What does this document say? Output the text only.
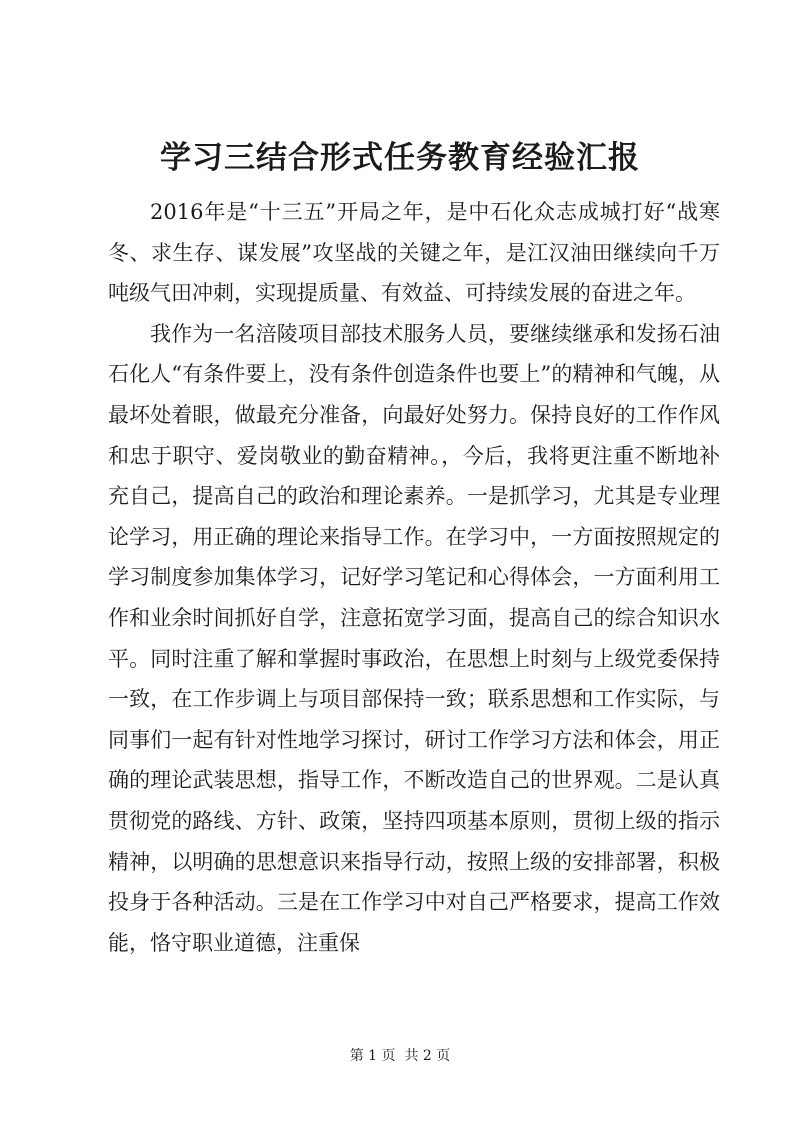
学习三结合形式任务教育经验汇报

2016年是“十三五”开局之年，是中石化众志成城打好“战寒冬、求生存、谋发展”攻坚战的关键之年，是江汉油田继续向千万吨级气田冲刺，实现提质量、有效益、可持续发展的奋进之年。

我作为一名涪陵项目部技术服务人员，要继续继承和发扬石油石化人“有条件要上，没有条件创造条件也要上”的精神和气魄，从最坏处着眼，做最充分准备，向最好处努力。保持良好的工作作风和忠于职守、爱岗敬业的勤奋精神。，今后，我将更注重不断地补充自己，提高自己的政治和理论素养。一是抓学习，尤其是专业理论学习，用正确的理论来指导工作。在学习中，一方面按照规定的学习制度参加集体学习，记好学习笔记和心得体会，一方面利用工作和业余时间抓好自学，注意拓宽学习面，提高自己的综合知识水平。同时注重了解和掌握时事政治，在思想上时刻与上级党委保持一致，在工作步调上与项目部保持一致；联系思想和工作实际，与同事们一起有针对性地学习探讨，研讨工作学习方法和体会，用正确的理论武装思想，指导工作，不断改造自己的世界观。二是认真贯彻党的路线、方针、政策，坚持四项基本原则，贯彻上级的指示精神，以明确的思想意识来指导行动，按照上级的安排部署，积极投身于各种活动。三是在工作学习中对自己严格要求，提高工作效能，恪守职业道德，注重保

第 1 页  共 2 页
